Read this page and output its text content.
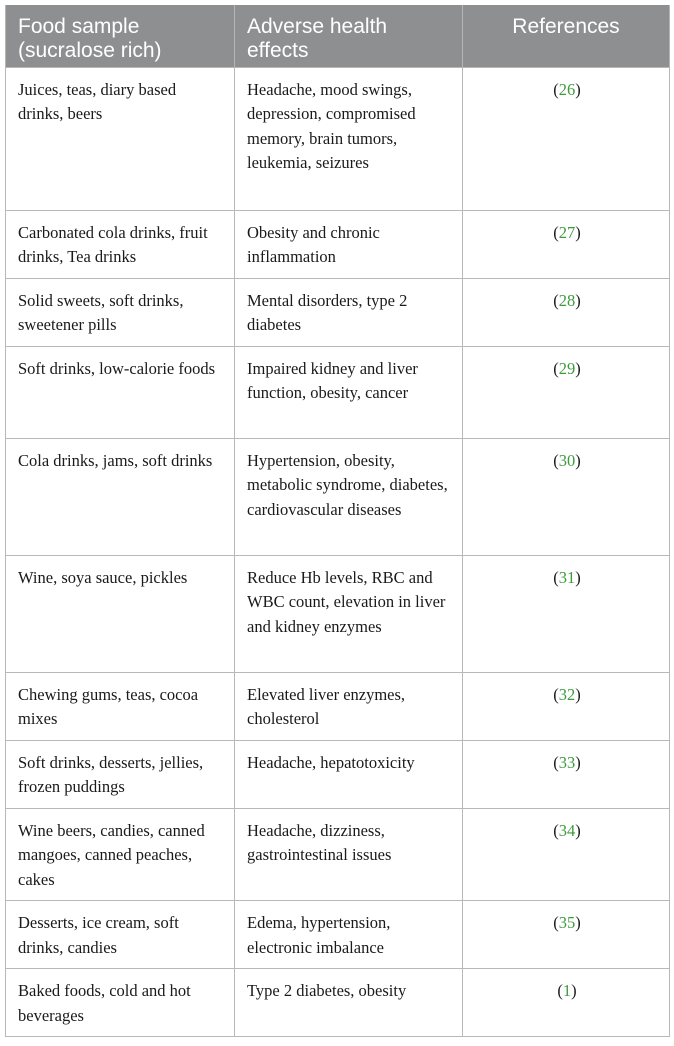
Food sample (sucralose rich)	Adverse health effects	References
Juices, teas, diary based drinks, beers	Headache, mood swings, depression, compromised memory, brain tumors, leukemia, seizures	(26)
Carbonated cola drinks, fruit drinks, Tea drinks	Obesity and chronic inflammation	(27)
Solid sweets, soft drinks, sweetener pills	Mental disorders, type 2 diabetes	(28)
Soft drinks, low-calorie foods	Impaired kidney and liver function, obesity, cancer	(29)
Cola drinks, jams, soft drinks	Hypertension, obesity, metabolic syndrome, diabetes, cardiovascular diseases	(30)
Wine, soya sauce, pickles	Reduce Hb levels, RBC and WBC count, elevation in liver and kidney enzymes	(31)
Chewing gums, teas, cocoa mixes	Elevated liver enzymes, cholesterol	(32)
Soft drinks, desserts, jellies, frozen puddings	Headache, hepatotoxicity	(33)
Wine beers, candies, canned mangoes, canned peaches, cakes	Headache, dizziness, gastrointestinal issues	(34)
Desserts, ice cream, soft drinks, candies	Edema, hypertension, electronic imbalance	(35)
Baked foods, cold and hot beverages	Type 2 diabetes, obesity	(1)
